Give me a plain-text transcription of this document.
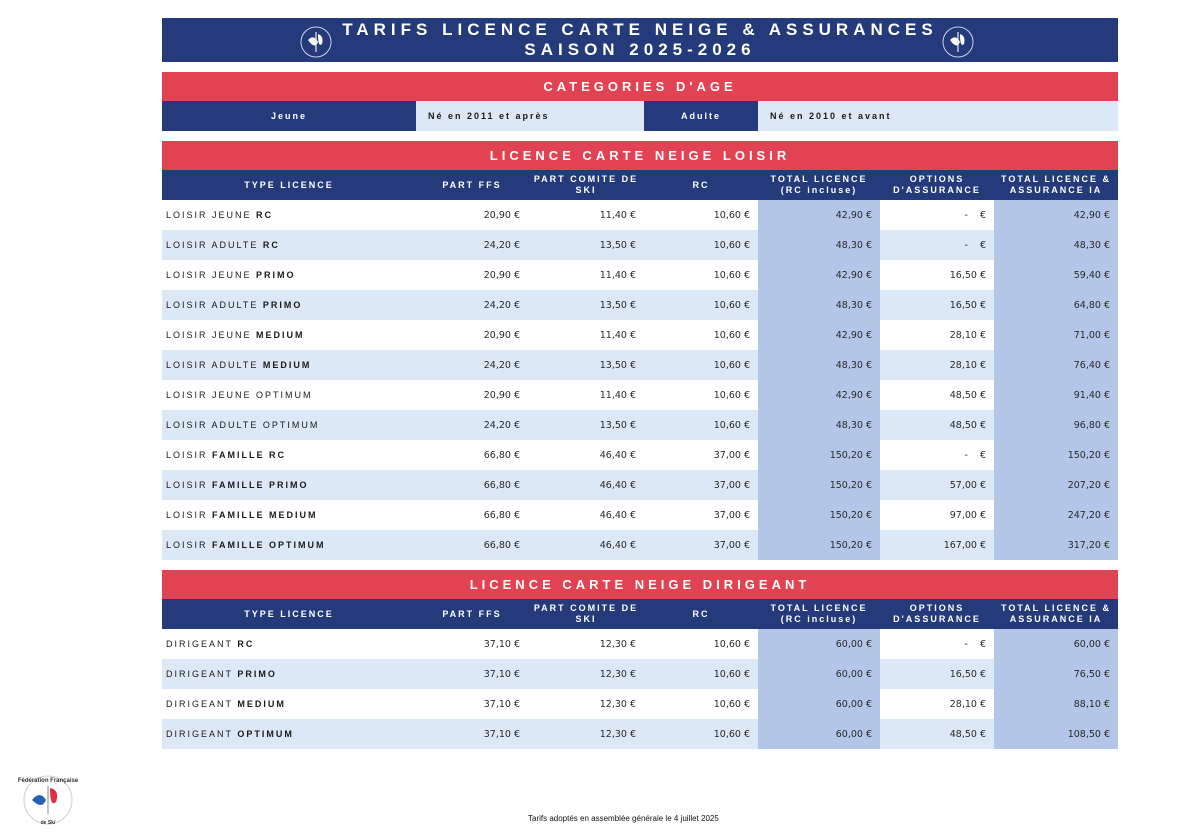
TARIFS LICENCE CARTE NEIGE & ASSURANCES
SAISON 2025-2026
CATEGORIES D'AGE
Jeune	Né en 2011 et après	Adulte	Né en 2010 et avant
LICENCE CARTE NEIGE LOISIR
TYPE LICENCE	PART FFS	PART COMITE DE SKI	RC	TOTAL LICENCE (RC incluse)	OPTIONS D'ASSURANCE	TOTAL LICENCE & ASSURANCE IA
LOISIR JEUNE RC	20,90 €	11,40 €	10,60 €	42,90 €	-    €	42,90 €
LOISIR ADULTE RC	24,20 €	13,50 €	10,60 €	48,30 €	-    €	48,30 €
LOISIR JEUNE PRIMO	20,90 €	11,40 €	10,60 €	42,90 €	16,50 €	59,40 €
LOISIR ADULTE PRIMO	24,20 €	13,50 €	10,60 €	48,30 €	16,50 €	64,80 €
LOISIR JEUNE MEDIUM	20,90 €	11,40 €	10,60 €	42,90 €	28,10 €	71,00 €
LOISIR ADULTE MEDIUM	24,20 €	13,50 €	10,60 €	48,30 €	28,10 €	76,40 €
LOISIR JEUNE OPTIMUM	20,90 €	11,40 €	10,60 €	42,90 €	48,50 €	91,40 €
LOISIR ADULTE OPTIMUM	24,20 €	13,50 €	10,60 €	48,30 €	48,50 €	96,80 €
LOISIR FAMILLE RC	66,80 €	46,40 €	37,00 €	150,20 €	-    €	150,20 €
LOISIR FAMILLE PRIMO	66,80 €	46,40 €	37,00 €	150,20 €	57,00 €	207,20 €
LOISIR FAMILLE MEDIUM	66,80 €	46,40 €	37,00 €	150,20 €	97,00 €	247,20 €
LOISIR FAMILLE OPTIMUM	66,80 €	46,40 €	37,00 €	150,20 €	167,00 €	317,20 €
LICENCE CARTE NEIGE DIRIGEANT
TYPE LICENCE	PART FFS	PART COMITE DE SKI	RC	TOTAL LICENCE (RC incluse)	OPTIONS D'ASSURANCE	TOTAL LICENCE & ASSURANCE IA
DIRIGEANT RC	37,10 €	12,30 €	10,60 €	60,00 €	-    €	60,00 €
DIRIGEANT PRIMO	37,10 €	12,30 €	10,60 €	60,00 €	16,50 €	76,50 €
DIRIGEANT MEDIUM	37,10 €	12,30 €	10,60 €	60,00 €	28,10 €	88,10 €
DIRIGEANT OPTIMUM	37,10 €	12,30 €	10,60 €	60,00 €	48,50 €	108,50 €
Fédération Française
de Ski	Tarifs adoptés en assemblée générale le 4 juillet 2025
